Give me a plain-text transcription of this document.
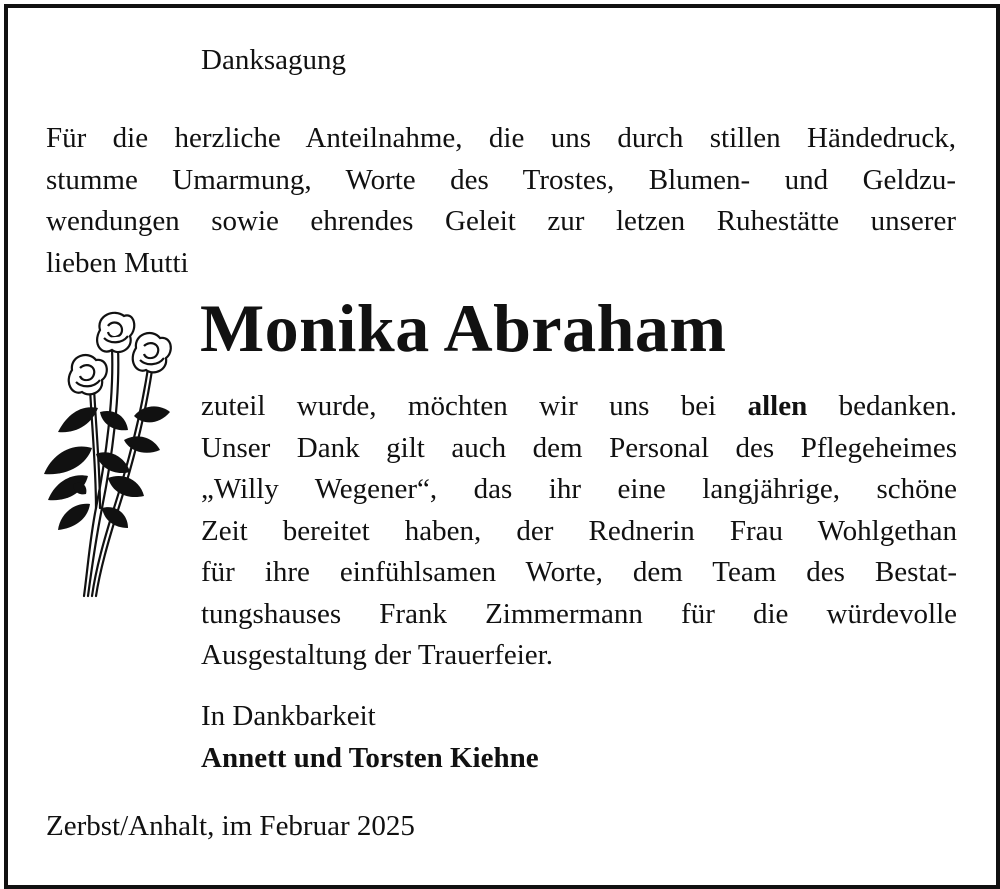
Danksagung
Für die herzliche Anteilnahme, die uns durch stillen Händedruck,
stumme Umarmung, Worte des Trostes, Blumen- und Geldzu-
wendungen sowie ehrendes Geleit zur letzen Ruhestätte unserer
lieben Mutti
Monika Abraham
zuteil wurde, möchten wir uns bei allen bedanken.
Unser Dank gilt auch dem Personal des Pflegeheimes
„Willy Wegener“, das ihr eine langjährige, schöne
Zeit bereitet haben, der Rednerin Frau Wohlgethan
für ihre einfühlsamen Worte, dem Team des Bestat-
tungshauses Frank Zimmermann für die würdevolle
Ausgestaltung der Trauerfeier.
In Dankbarkeit
Annett und Torsten Kiehne
Zerbst/Anhalt, im Februar 2025
